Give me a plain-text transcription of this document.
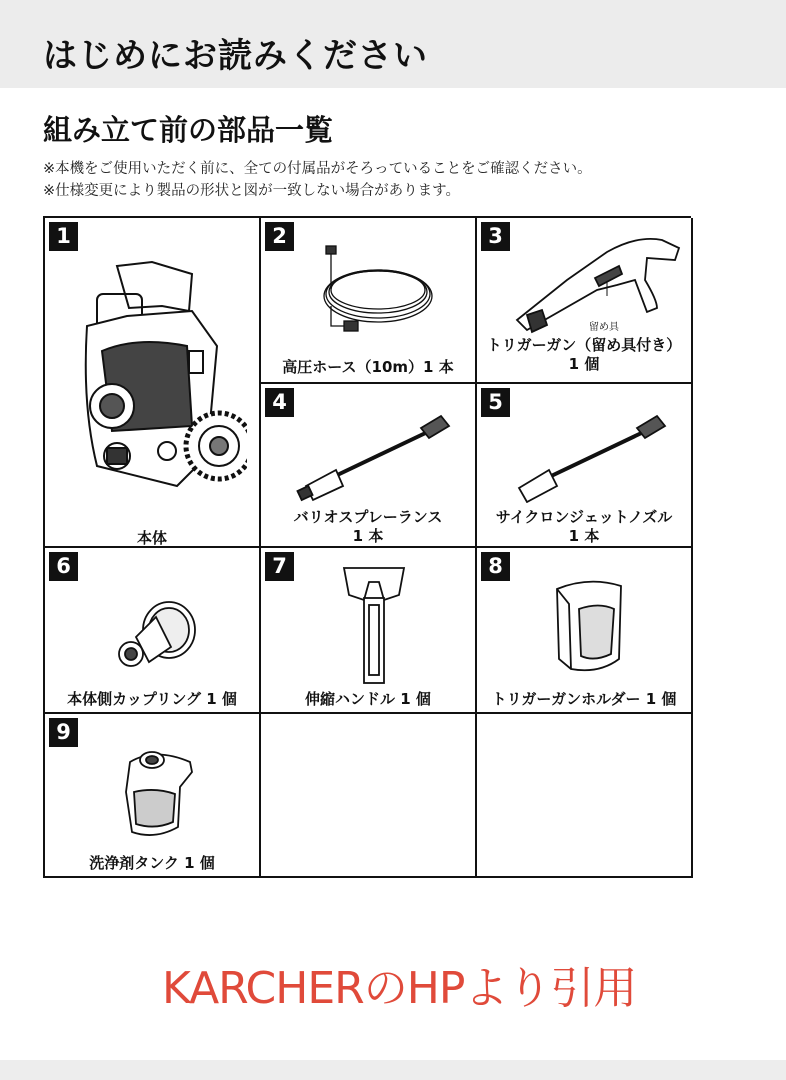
はじめにお読みください
組み立て前の部品一覧
※本機をご使用いただく前に、全ての付属品がそろっていることをご確認ください。
※仕様変更により製品の形状と図が一致しない場合があります。
1
本体
2
高圧ホース（10m）1 本
3
留め具
トリガーガン（留め具付き）
1 個
4
バリオスプレーランス
1 本
5
サイクロンジェットノズル
1 本
6
本体側カップリング 1 個
7
伸縮ハンドル 1 個
8
トリガーガンホルダー 1 個
9
洗浄剤タンク 1 個
KARCHERのHPより引用
